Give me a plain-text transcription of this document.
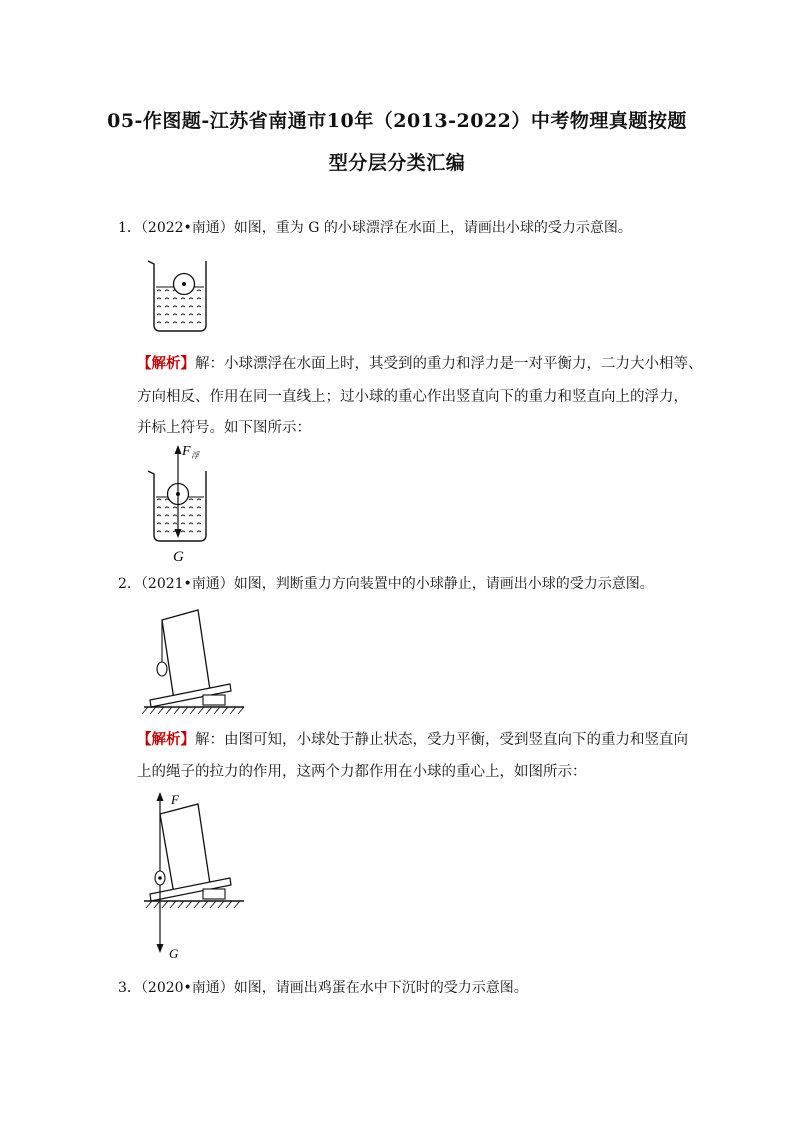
05-作图题-江苏省南通市10年（2013-2022）中考物理真题按题
型分层分类汇编
1．（2022•南通）如图，重为 G 的小球漂浮在水面上，请画出小球的受力示意图。
【解析】解：小球漂浮在水面上时，其受到的重力和浮力是一对平衡力，二力大小相等、
方向相反、作用在同一直线上；过小球的重心作出竖直向下的重力和竖直向上的浮力，
并标上符号。如下图所示：
F 浮
G
2．（2021•南通）如图，判断重力方向装置中的小球静止，请画出小球的受力示意图。
【解析】解：由图可知，小球处于静止状态，受力平衡，受到竖直向下的重力和竖直向
上的绳子的拉力的作用，这两个力都作用在小球的重心上，如图所示：
F
G
3．（2020•南通）如图，请画出鸡蛋在水中下沉时的受力示意图。
